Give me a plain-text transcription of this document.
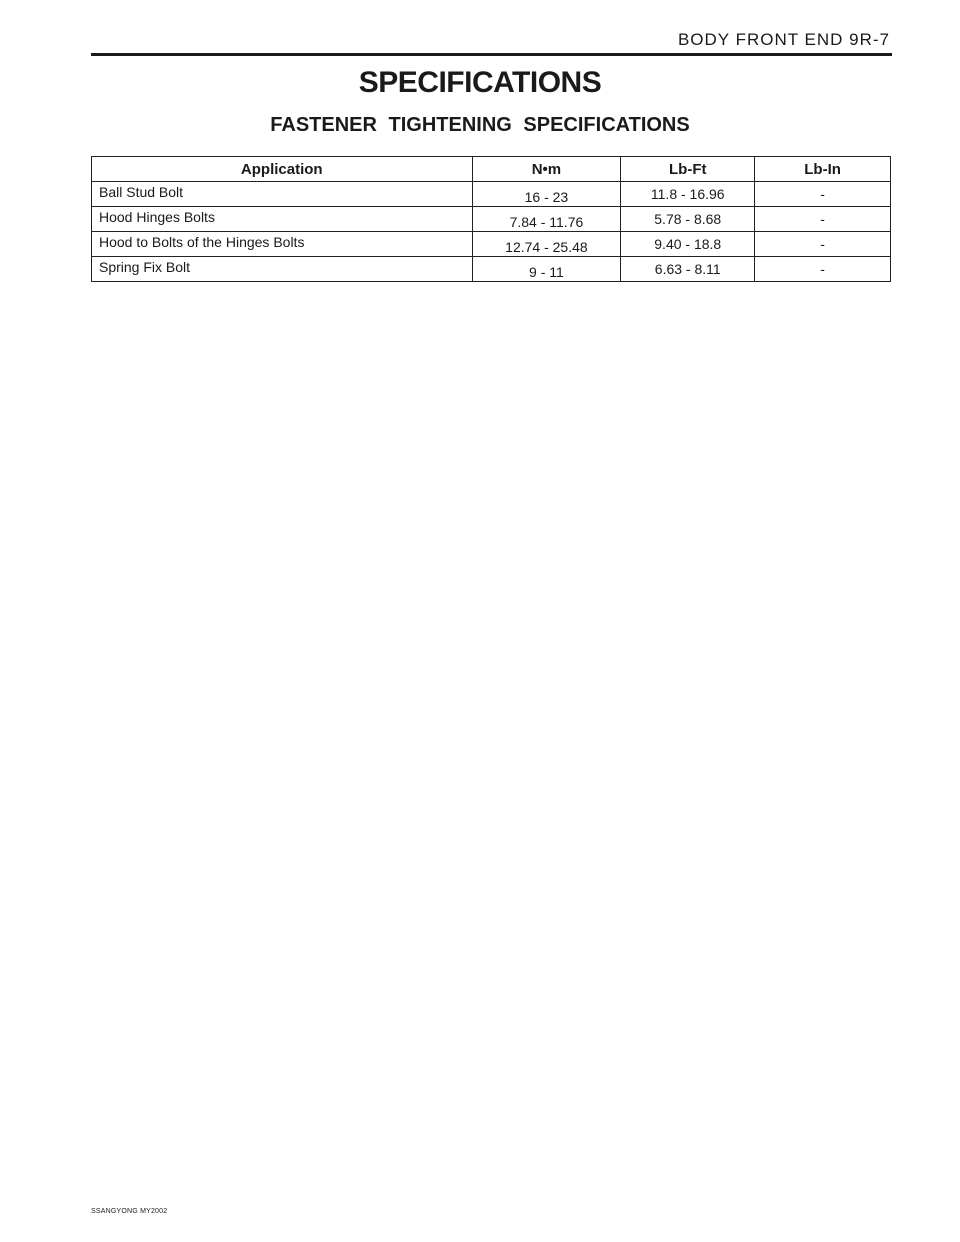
BODY FRONT END 9R-7
SPECIFICATIONS
FASTENER TIGHTENING SPECIFICATIONS
Application	N•m	Lb-Ft	Lb-In
Ball Stud Bolt	16 - 23	11.8 - 16.96	-
Hood Hinges Bolts	7.84 - 11.76	5.78 - 8.68	-
Hood to Bolts of the Hinges Bolts	12.74 - 25.48	9.40 - 18.8	-
Spring Fix Bolt	9 - 11	6.63 - 8.11	-
SSANGYONG MY2002
